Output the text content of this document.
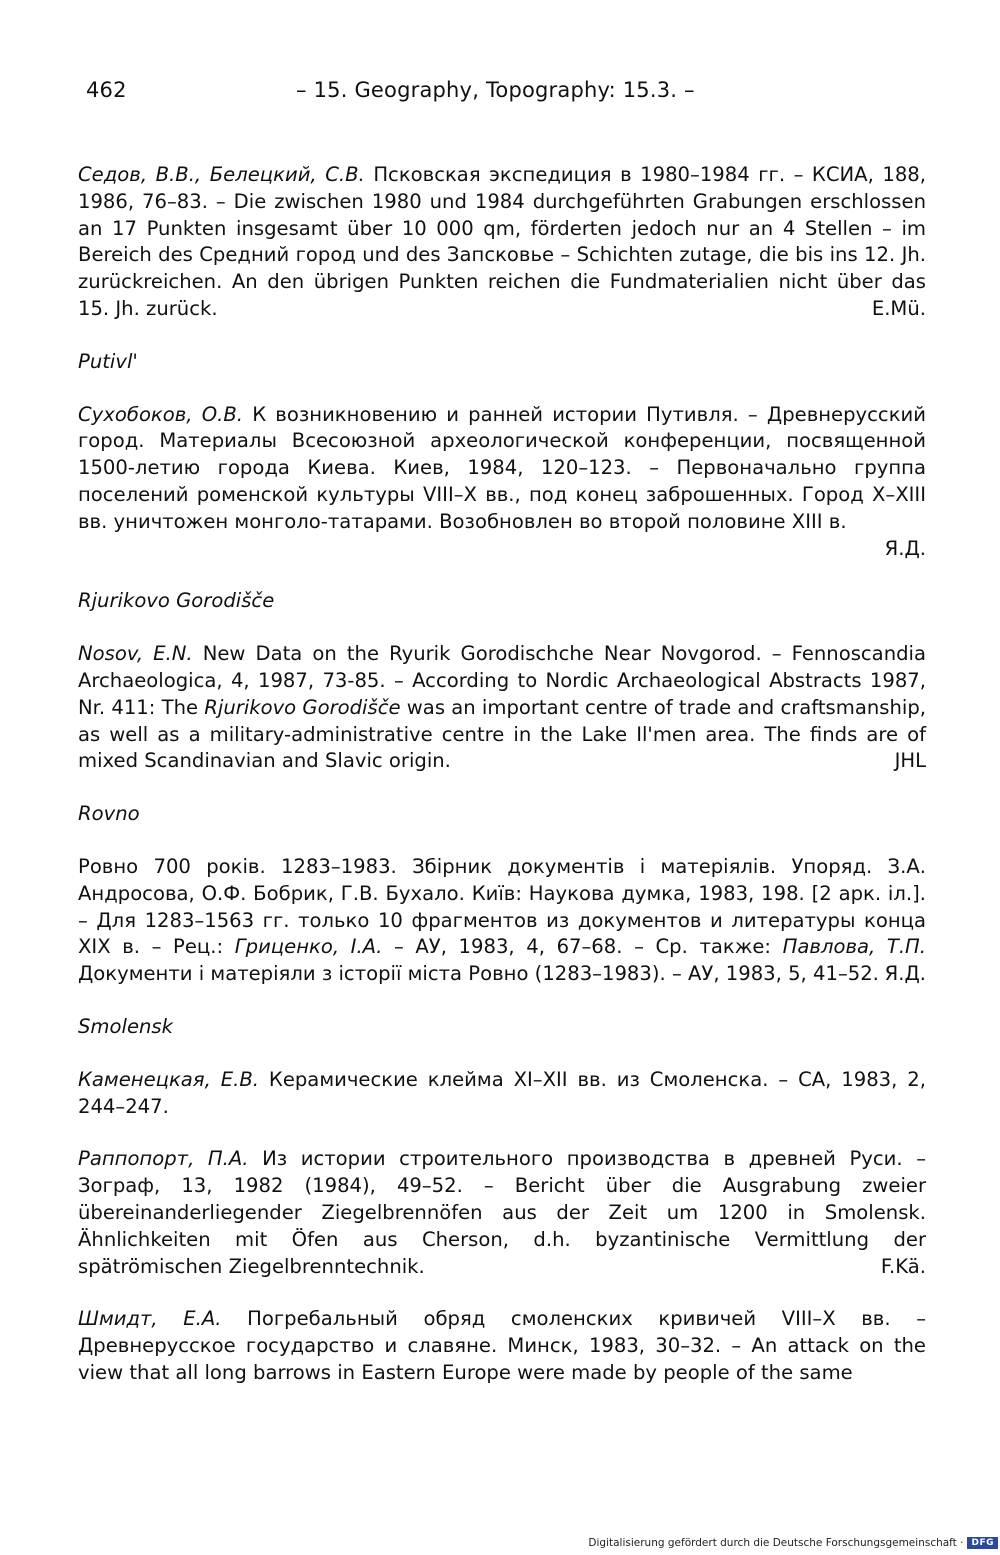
462	– 15. Geography, Topography: 15.3. –

Седов, В.В., Белецкий, С.В. Псковская экспедиция в 1980–1984 гг. – КСИА, 188, 1986, 76–83. – Die zwischen 1980 und 1984 durchgeführten Grabungen erschlossen an 17 Punkten insgesamt über 10 000 qm, förderten jedoch nur an 4 Stellen – im Bereich des Средний город und des Запсковье – Schichten zutage, die bis ins 12. Jh. zurückreichen. An den übrigen Punkten reichen die Fundmaterialien nicht über das 15. Jh. zurück.	E.Mü.

Putivl'

Сухобоков, О.В. К возникновению и ранней истории Путивля. – Древнерусский город. Материалы Всесоюзной археологической конференции, посвященной 1500-летию города Киева. Киев, 1984, 120–123. – Первоначально группа поселений роменской культуры VIII–X вв., под конец заброшенных. Город X–XIII вв. уничтожен монголо-татарами. Возобновлен во второй половине XIII в.

Я.Д.

Rjurikovo Gorodišče

Nosov, E.N. New Data on the Ryurik Gorodischche Near Novgorod. – Fennoscandia Archaeologica, 4, 1987, 73-85. – According to Nordic Archaeological Abstracts 1987, Nr. 411: The Rjurikovo Gorodišče was an important centre of trade and craftsmanship, as well as a military-administrative centre in the Lake Il'men area. The finds are of mixed Scandinavian and Slavic origin.	JHL

Rovno

Ровно 700 років. 1283–1983. Збірник документів і матеріялів. Упоряд. З.А. Андросова, О.Ф. Бобрик, Г.В. Бухало. Київ: Наукова думка, 1983, 198. [2 арк. іл.]. – Для 1283–1563 гг. только 10 фрагментов из документов и литературы конца XIX в. – Рец.: Гриценко, І.А. – АУ, 1983, 4, 67–68. – Ср. также: Павлова, Т.П. Документи і матеріяли з історії міста Ровно (1283–1983). – АУ, 1983, 5, 41–52. Я.Д.

Smolensk

Каменецкая, Е.В. Керамические клейма XI–XII вв. из Смоленска. – СА, 1983, 2, 244–247.

Раппопорт, П.А. Из истории строительного производства в древней Руси. – Зограф, 13, 1982 (1984), 49–52. – Bericht über die Ausgrabung zweier übereinanderliegender Ziegelbrennöfen aus der Zeit um 1200 in Smolensk. Ähnlichkeiten mit Öfen aus Cherson, d.h. byzantinische Vermittlung der spätrömischen Ziegelbrenntechnik.	F.Kä.

Шмидт, Е.А. Погребальный обряд смоленских кривичей VIII–X вв. – Древнерусское государство и славяне. Минск, 1983, 30–32. – An attack on the view that all long barrows in Eastern Europe were made by people of the same

Digitalisierung gefördert durch die Deutsche Forschungsgemeinschaft · DFG
